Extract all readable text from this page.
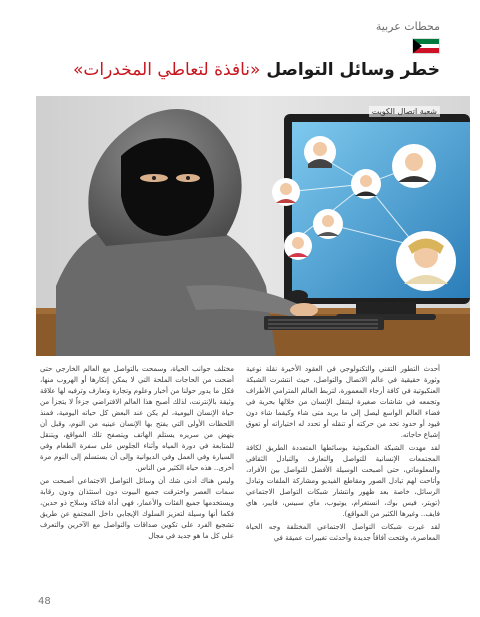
محطات عربية
خطر وسائل التواصل «نافذة لتعاطي المخدرات»
شعبة اتصال الكويت

أحدث التطور التقني والتكنولوجي في العقود الأخيرة نقلة نوعية وثورة حقيقية في عالم الاتصال والتواصل، حيث انتشرت الشبكة العنكبوتية في كافة أرجاء المعمورة، لتربط العالم المترامي الأطراف وتجمعه في شاشات صغيرة ليتنقل الإنسان من خلالها بحرية في فضاء العالم الواسع ليصل إلى ما يريد متى شاء وكيفما شاء دون قيود أو حدود تحد من حركته أو تنقله أو تحدد له اختياراته أو تعوق إشباع حاجاته.

لقد مهدت الشبكة العنكبوتية بوسائطها المتعددة الطريق لكافة المجتمعات الإنسانية للتواصل والتعارف والتبادل الثقافي والمعلوماتي، حتى أصبحت الوسيلة الأفضل للتواصل بين الأفراد، وأتاحت لهم تبادل الصور ومقاطع الفيديو ومشاركة الملفات وتبادل الرسائل، خاصة بعد ظهور وانتشار شبكات التواصل الاجتماعي (تويتر، فيس بوك، انستغرام، يوتيوب، ماي سبيس، فايبر، هاي فايف.. وغيرها الكثير من المواقع).

لقد غيرت شبكات التواصل الاجتماعي المختلفة وجه الحياة المعاصرة، وفتحت آفاقاً جديدة وأحدثت تغييرات عميقة في

مختلف جوانب الحياة، وسمحت بالتواصل مع العالم الخارجي حتى أضحت من الحاجات الملحة التي لا يمكن إنكارها أو الهروب منها، فكل ما يدور حولنا من أخبار وعلوم وتجارة وتعارف وترفيه لها علاقة وثيقة بالإنترنت، لذلك أصبح هذا العالم الافتراضي جزءاً لا يتجزأ من حياة الإنسان اليومية، لم يكن عند البعض كل حياته اليومية، فمنذ اللحظات الأولى التي يفتح بها الإنسان عينيه من النوم، وقبل أن ينهض من سريره يستلم الهاتف ويتصفح تلك المواقع، ويتنقل للمتابعة في دورة المياه وأثناء الجلوس على سفرة الطعام وفي السيارة وفي العمل وفي الديوانية وإلى أن يستسلم إلى النوم مرة أخرى.. هذه حياة الكثير من الناس.

وليس هناك أدنى شك أن وسائل التواصل الاجتماعي أصبحت من سمات العصر واخترقت جميع البيوت دون استئذان ودون رقابة ويستخدمها جميع الفئات والأعمار، فهي أداة فتاكة وسلاح ذو حدين، فكما أنها وسيلة لتعزيز السلوك الإيجابي داخل المجتمع عن طريق تشجيع الفرد على تكوين صداقات والتواصل مع الآخرين والتعرف على كل ما هو جديد في مجال

48
